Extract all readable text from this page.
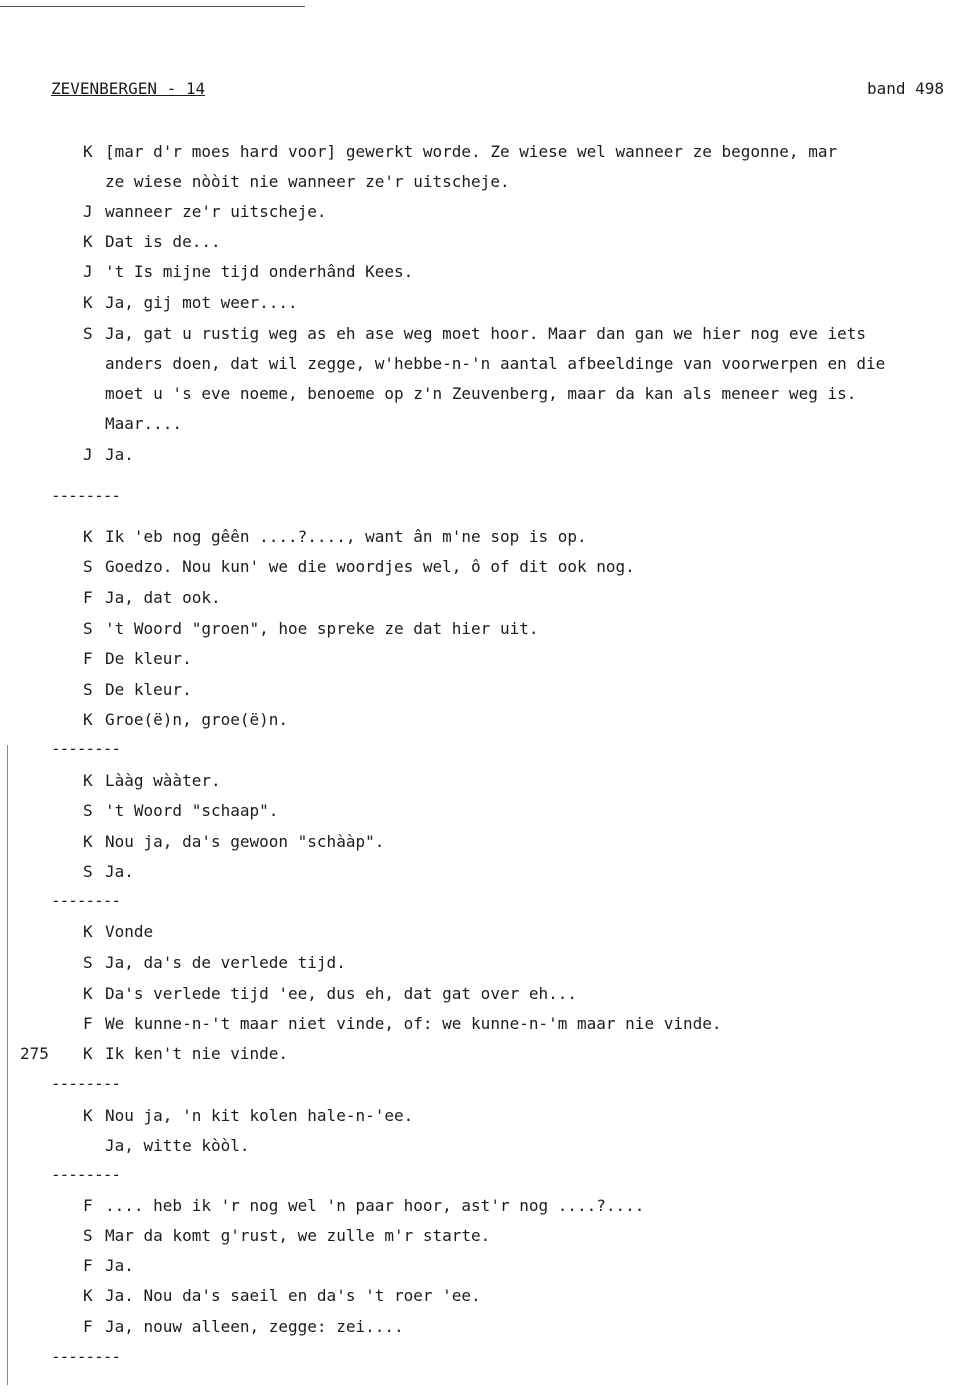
ZEVENBERGEN - 14	band 498
275
K [mar d'r moes hard voor] gewerkt worde. Ze wiese wel wanneer ze begonne, mar
ze wiese nòòit nie wanneer ze'r uitscheje.
J wanneer ze'r uitscheje.
K Dat is de...
J 't Is mijne tijd onderhând Kees.
K Ja, gij mot weer....
S Ja, gat u rustig weg as eh ase weg moet hoor. Maar dan gan we hier nog eve iets
anders doen, dat wil zegge, w'hebbe-n-'n aantal afbeeldinge van voorwerpen en die
moet u 's eve noeme, benoeme op z'n Zeuvenberg, maar da kan als meneer weg is.
Maar....
J Ja.
--------
K Ik 'eb nog gêên ....?...., want ân m'ne sop is op.
S Goedzo. Nou kun' we die woordjes wel, ô of dit ook nog.
F Ja, dat ook.
S 't Woord "groen", hoe spreke ze dat hier uit.
F De kleur.
S De kleur.
K Groe(ë)n, groe(ë)n.
--------
K Lààg wààter.
S 't Woord "schaap".
K Nou ja, da's gewoon "schààp".
S Ja.
--------
K Vonde
S Ja, da's de verlede tijd.
K Da's verlede tijd 'ee, dus eh, dat gat over eh...
F We kunne-n-'t maar niet vinde, of: we kunne-n-'m maar nie vinde.
K Ik ken't nie vinde.
--------
K Nou ja, 'n kit kolen hale-n-'ee.
Ja, witte kòòl.
--------
F .... heb ik 'r nog wel 'n paar hoor, ast'r nog ....?....
S Mar da komt g'rust, we zulle m'r starte.
F Ja.
K Ja. Nou da's saeil en da's 't roer 'ee.
F Ja, nouw alleen, zegge: zei....
--------
